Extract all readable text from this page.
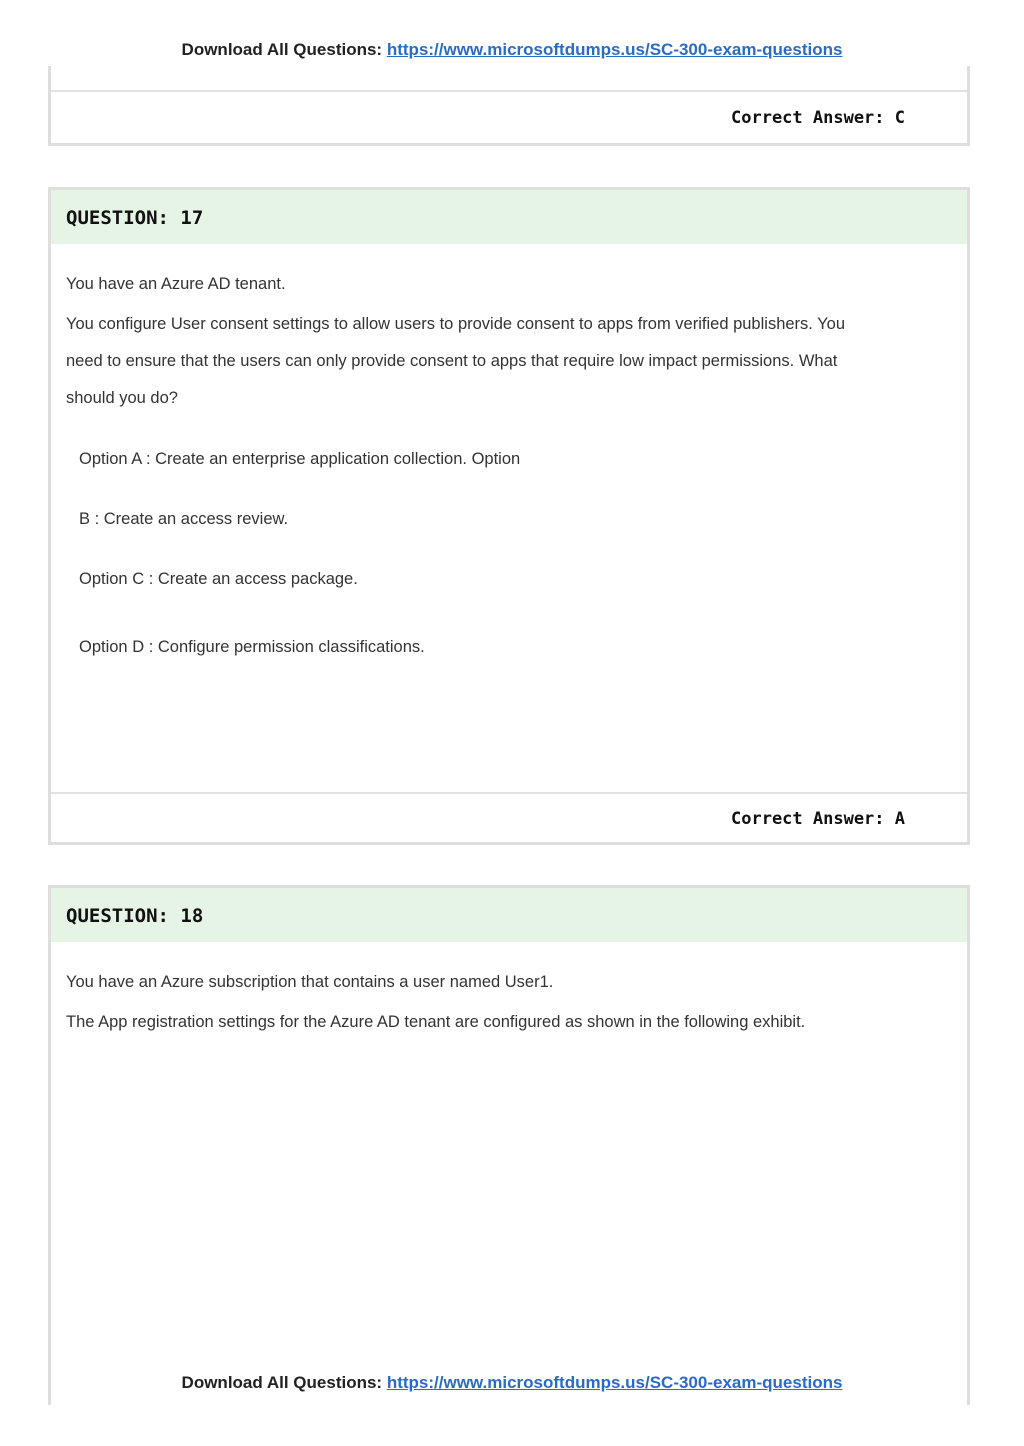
Download All Questions: https://www.microsoftdumps.us/SC-300-exam-questions
Correct Answer: C
QUESTION: 17

You have an Azure AD tenant.

You configure User consent settings to allow users to provide consent to apps from verified publishers. You

need to ensure that the users can only provide consent to apps that require low impact permissions. What

should you do?

Option A : Create an enterprise application collection. Option

B : Create an access review.

Option C : Create an access package.

Option D : Configure permission classifications.

Correct Answer: A
QUESTION: 18

You have an Azure subscription that contains a user named User1.

The App registration settings for the Azure AD tenant are configured as shown in the following exhibit.

Download All Questions: https://www.microsoftdumps.us/SC-300-exam-questions
